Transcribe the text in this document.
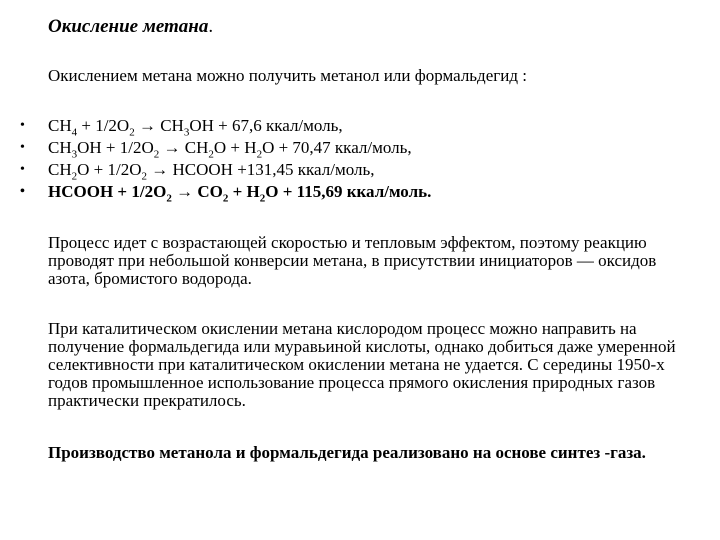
Окисление метана.
Окислением метана можно получить метанол или формальдегид :
• $CH_4 + 1/2O_2 \to CH_3OH + 67,6$ ккал/моль,
• $CH_3OH + 1/2O_2 \to CH_2O + H_2O + 70,47$ ккал/моль,
• $CH_2O + 1/2O_2$ → HCOOH +131,45 ккал/моль,
• HCOOH + $1/2O_2 \to CO_2 + H_2O + 115,69$ ккал/моль.
Процесс идет с возрастающей скоростью и тепловым эффектом, поэтому реакцию проводят при небольшой конверсии метана, в присутствии инициаторов — оксидов азота, бромистого водорода.
При каталитическом окислении метана кислородом процесс можно направить на получение формальдегида или муравьиной кислоты, однако добиться даже умеренной селективности при каталитическом окислении метана не удается. С середины 1950-х годов промышленное использование процесса прямого окисления природных газов практически прекратилось.
Производство метанола и формальдегида реализовано на основе синтез -газа.
